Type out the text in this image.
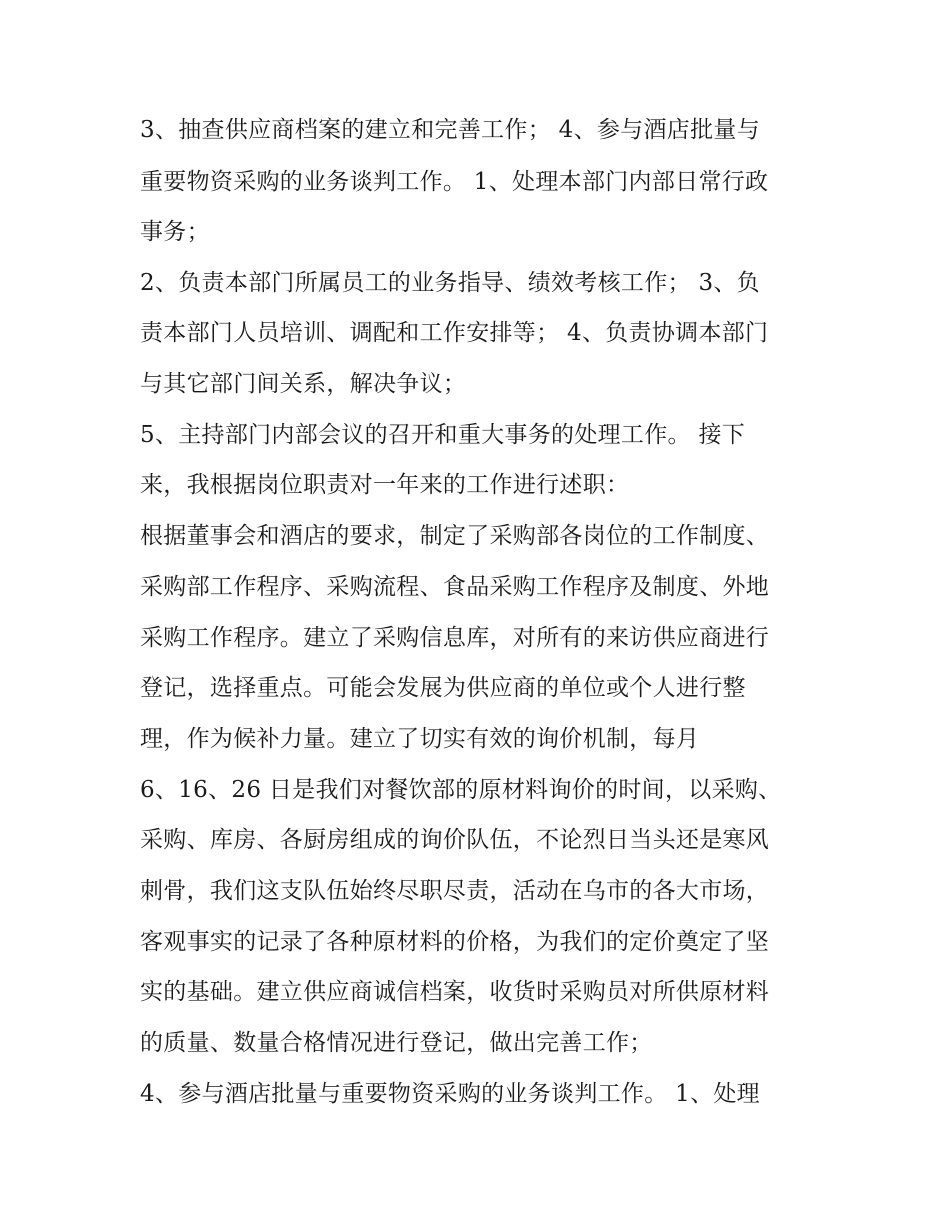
3、抽查供应商档案的建立和完善工作； 4、参与酒店批量与
重要物资采购的业务谈判工作。 1、处理本部门内部日常行政
事务；
2、负责本部门所属员工的业务指导、绩效考核工作； 3、负
责本部门人员培训、调配和工作安排等； 4、负责协调本部门
与其它部门间关系，解决争议；
5、主持部门内部会议的召开和重大事务的处理工作。 接下
来，我根据岗位职责对一年来的工作进行述职：
根据董事会和酒店的要求，制定了采购部各岗位的工作制度、
采购部工作程序、采购流程、食品采购工作程序及制度、外地
采购工作程序。建立了采购信息库，对所有的来访供应商进行
登记，选择重点。可能会发展为供应商的单位或个人进行整
理，作为候补力量。建立了切实有效的询价机制，每月
6、16、26 日是我们对餐饮部的原材料询价的时间，以采购、
采购、库房、各厨房组成的询价队伍，不论烈日当头还是寒风
刺骨，我们这支队伍始终尽职尽责，活动在乌市的各大市场，
客观事实的记录了各种原材料的价格，为我们的定价奠定了坚
实的基础。建立供应商诚信档案，收货时采购员对所供原材料
的质量、数量合格情况进行登记，做出完善工作；
4、参与酒店批量与重要物资采购的业务谈判工作。 1、处理
